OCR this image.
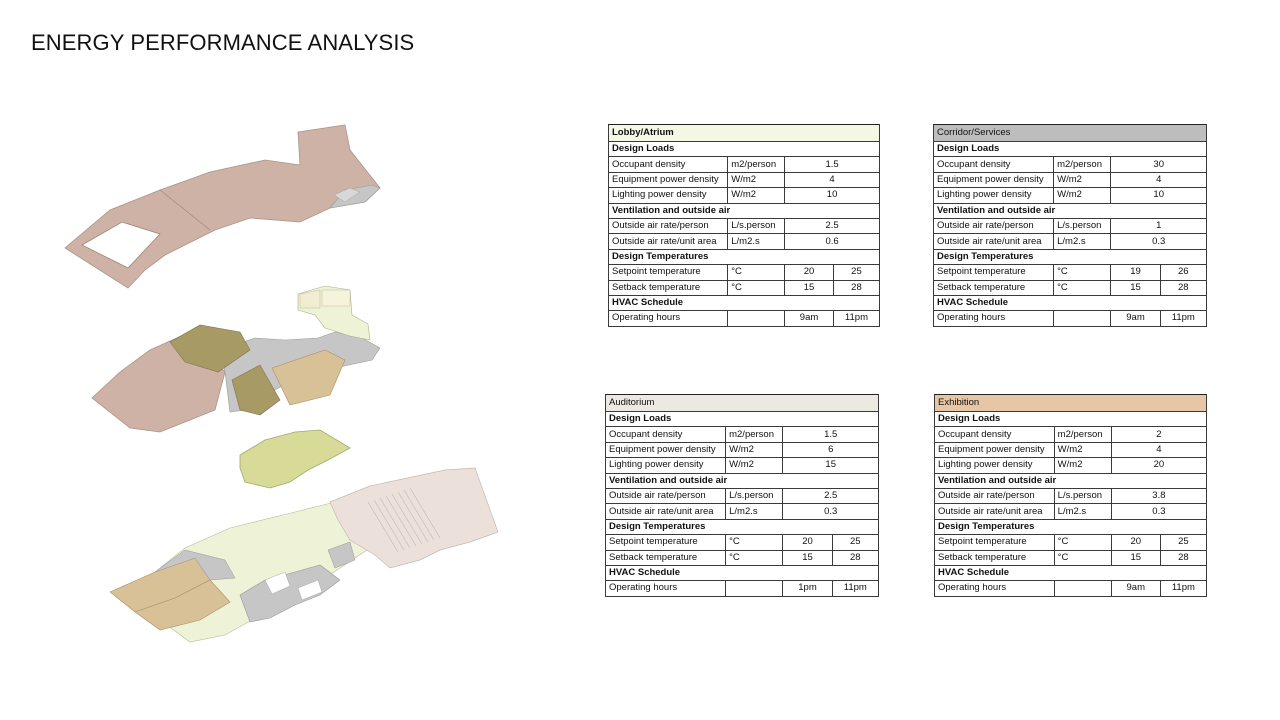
ENERGY PERFORMANCE ANALYSIS
Lobby/Atrium			
Design Loads			
Occupant density	m2/person	1.5	
Equipment power density	W/m2	4	
Lighting power density	W/m2	10	
Ventilation and outside air			
Outside air rate/person	L/s.person	2.5	
Outside air rate/unit area	L/m2.s	0.6	
Design Temperatures			
Setpoint temperature	°C	20	25
Setback temperature	°C	15	28
HVAC Schedule			
Operating hours		9am	11pm
Corridor/Services			
Design Loads			
Occupant density	m2/person	30	
Equipment power density	W/m2	4	
Lighting power density	W/m2	10	
Ventilation and outside air			
Outside air rate/person	L/s.person	1	
Outside air rate/unit area	L/m2.s	0.3	
Design Temperatures			
Setpoint temperature	°C	19	26
Setback temperature	°C	15	28
HVAC Schedule			
Operating hours		9am	11pm
Auditorium			
Design Loads			
Occupant density	m2/person	1.5	
Equipment power density	W/m2	6	
Lighting power density	W/m2	15	
Ventilation and outside air			
Outside air rate/person	L/s.person	2.5	
Outside air rate/unit area	L/m2.s	0.3	
Design Temperatures			
Setpoint temperature	°C	20	25
Setback temperature	°C	15	28
HVAC Schedule			
Operating hours		1pm	11pm
Exhibition			
Design Loads			
Occupant density	m2/person	2	
Equipment power density	W/m2	4	
Lighting power density	W/m2	20	
Ventilation and outside air			
Outside air rate/person	L/s.person	3.8	
Outside air rate/unit area	L/m2.s	0.3	
Design Temperatures			
Setpoint temperature	°C	20	25
Setback temperature	°C	15	28
HVAC Schedule			
Operating hours		9am	11pm
